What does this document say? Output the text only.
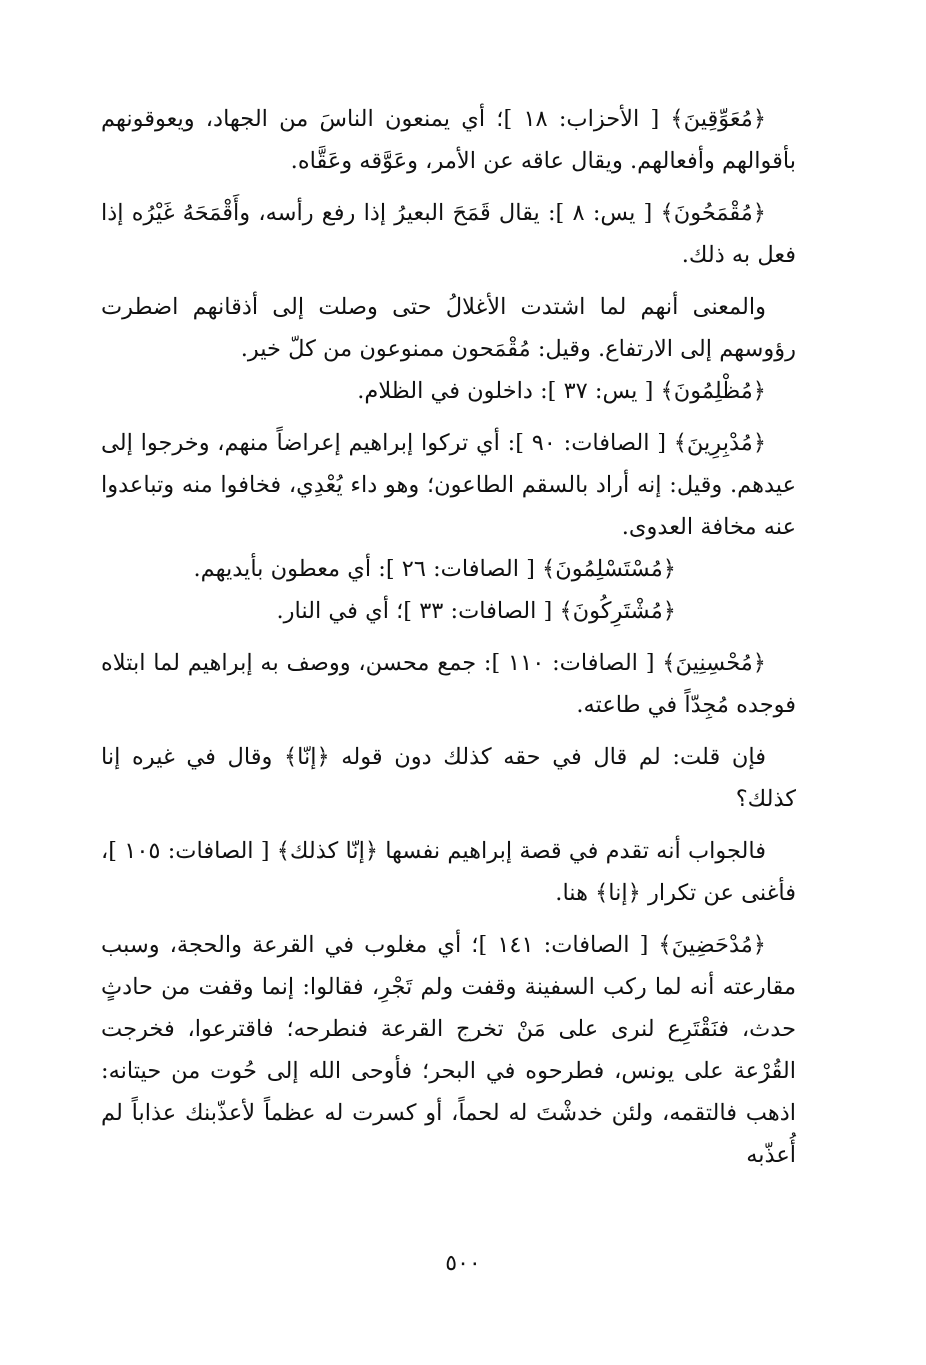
﴿مُعَوِّقِينَ﴾ [ الأحزاب: ١٨ ]؛ أي يمنعون الناسَ من الجهاد، ويعوقونهم بأقوالهم وأفعالهم. ويقال عاقه عن الأمر، وعَوَّقه وعَقَّاه.

﴿مُقْمَحُونَ﴾ [ يس: ٨ ]: يقال قَمَحَ البعيرُ إذا رفع رأسه، وأَقْمَحَهُ غَيْرُه إذا فعل به ذلك.

والمعنى أنهم لما اشتدت الأغلالُ حتى وصلت إلى أذقانهم اضطرت رؤوسهم إلى الارتفاع. وقيل: مُقْمَحون ممنوعون من كلّ خير.

﴿مُظْلِمُونَ﴾ [ يس: ٣٧ ]: داخلون في الظلام.

﴿مُدْبِرِينَ﴾ [ الصافات: ٩٠ ]: أي تركوا إبراهيم إعراضاً منهم، وخرجوا إلى عيدهم. وقيل: إنه أراد بالسقم الطاعون؛ وهو داء يُعْدِي، فخافوا منه وتباعدوا عنه مخافة العدوى.

﴿مُسْتَسْلِمُونَ﴾ [ الصافات: ٢٦ ]: أي معطون بأيديهم.

﴿مُشْتَرِكُونَ﴾ [ الصافات: ٣٣ ]؛ أي في النار.

﴿مُحْسِنِينَ﴾ [ الصافات: ١١٠ ]: جمع محسن، ووصف به إبراهيم لما ابتلاه فوجده مُجِدّاً في طاعته.

فإن قلت: لم قال في حقه كذلك دون قوله ﴿إنّا﴾ وقال في غيره إنا كذلك؟

فالجواب أنه تقدم في قصة إبراهيم نفسها ﴿إنّا كذلك﴾ [ الصافات: ١٠٥ ]، فأغنى عن تكرار ﴿إنا﴾ هنا.

﴿مُدْحَضِينَ﴾ [ الصافات: ١٤١ ]؛ أي مغلوب في القرعة والحجة، وسبب مقارعته أنه لما ركب السفينة وقفت ولم تَجْرِ، فقالوا: إنما وقفت من حادثٍ حدث، فنَقْتَرِع لنرى على مَنْ تخرج القرعة فنطرحه؛ فاقترعوا، فخرجت القُرْعة على يونس، فطرحوه في البحر؛ فأوحى الله إلى حُوت من حيتانه: اذهب فالتقمه، ولئن خدشْتَ له لحماً، أو كسرت له عظماً لأعذّبنك عذاباً لم أُعذّبه

٥٠٠
